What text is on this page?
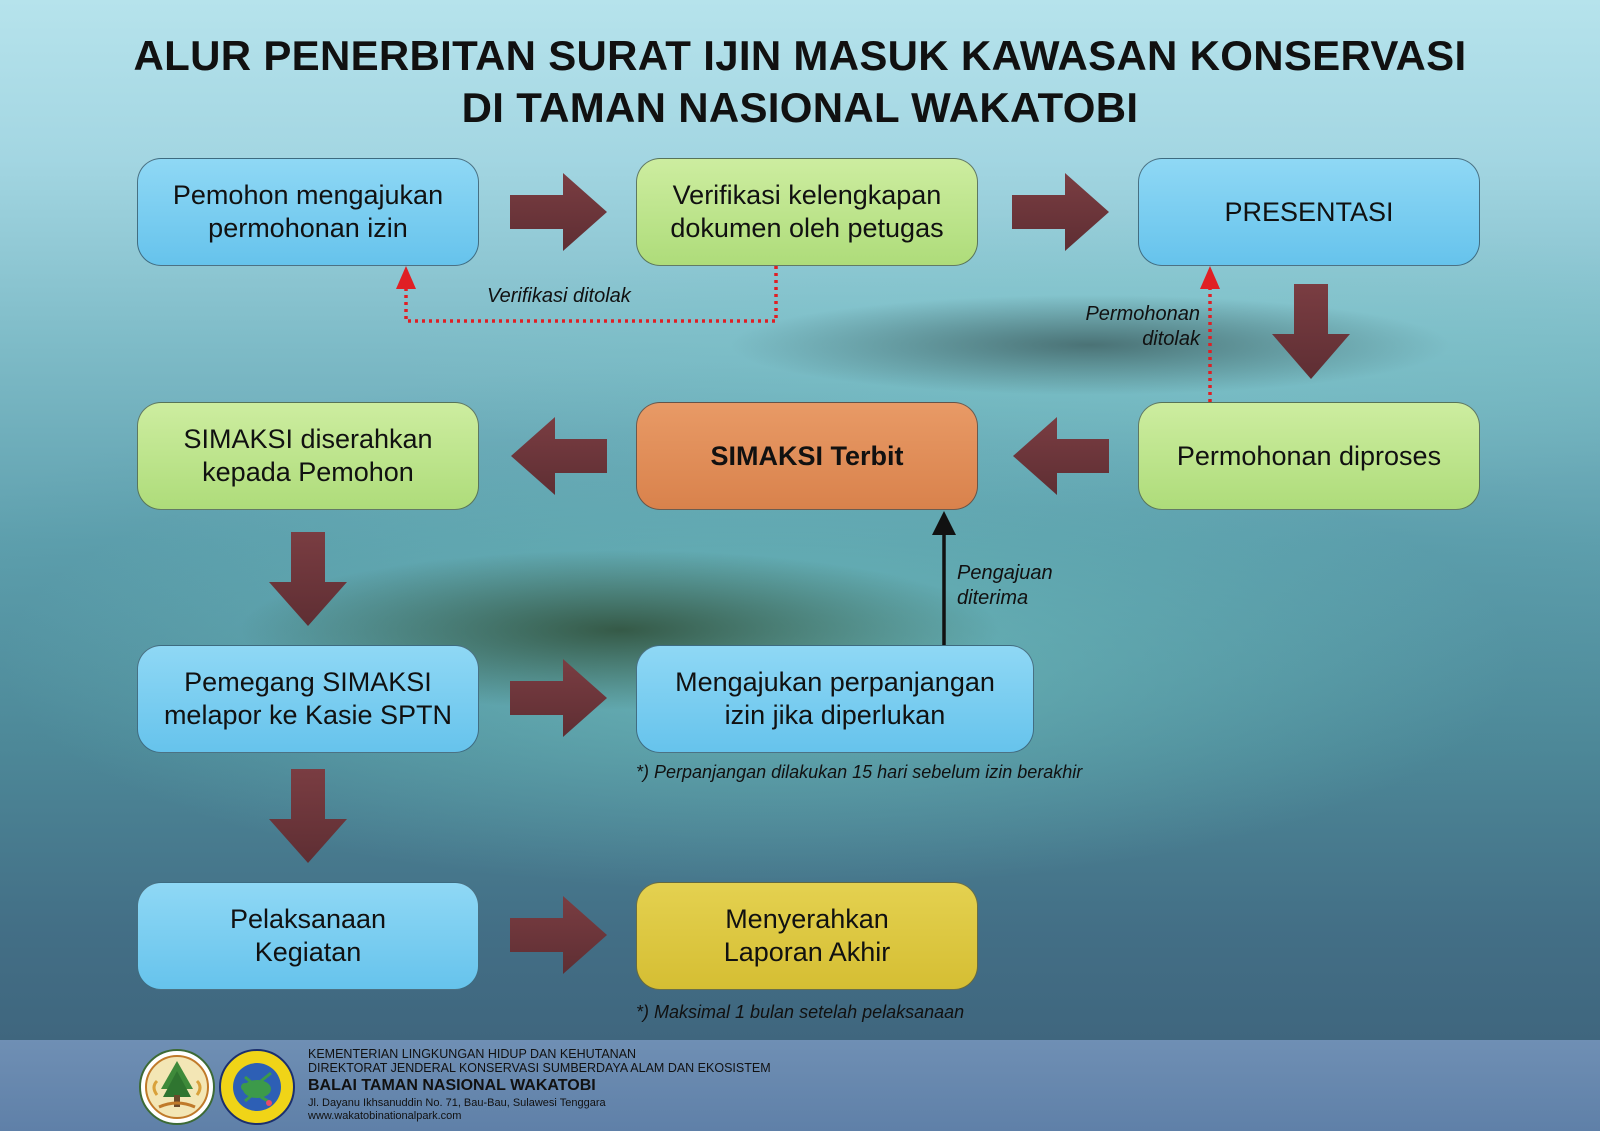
ALUR PENERBITAN SURAT IJIN MASUK KAWASAN KONSERVASI
DI TAMAN NASIONAL WAKATOBI
Pemohon mengajukan
permohonan izin
Verifikasi kelengkapan
dokumen oleh petugas
PRESENTASI
SIMAKSI diserahkan
kepada Pemohon
SIMAKSI Terbit	Permohonan diproses
Pemegang SIMAKSI
melapor ke Kasie SPTN
Mengajukan perpanjangan
izin jika diperlukan
Pelaksanaan
Kegiatan
Menyerahkan
Laporan Akhir
Verifikasi ditolak
Permohonan
ditolak
Pengajuan
diterima
*) Perpanjangan dilakukan 15 hari sebelum izin berakhir
*) Maksimal 1 bulan setelah pelaksanaan
KEMENTERIAN LINGKUNGAN HIDUP DAN KEHUTANAN
DIREKTORAT JENDERAL KONSERVASI SUMBERDAYA ALAM DAN EKOSISTEM
BALAI TAMAN NASIONAL WAKATOBI
Jl. Dayanu Ikhsanuddin No. 71, Bau-Bau, Sulawesi Tenggara
www.wakatobinationalpark.com
